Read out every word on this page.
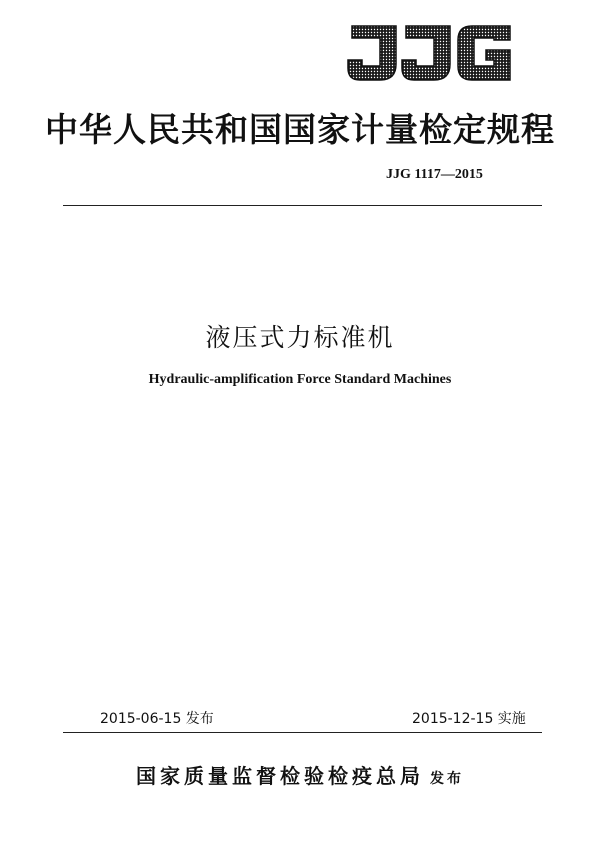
中华人民共和国国家计量检定规程
JJG 1117—2015
液压式力标准机
Hydraulic-amplification Force Standard Machines
2015-06-15 发布	2015-12-15 实施
国家质量监督检验检疫总局 发布
